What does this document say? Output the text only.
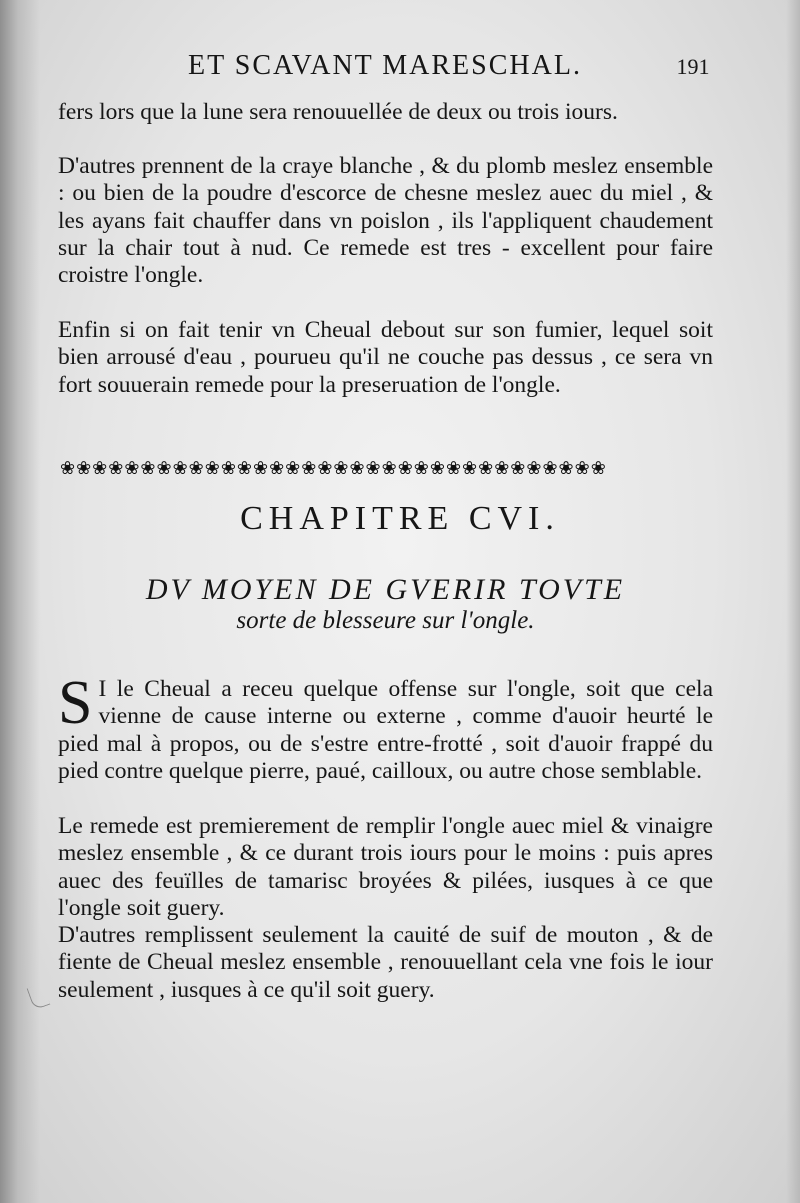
ET SCAVANT MARESCHAL.	191

fers lors que la lune sera renouuellée de deux ou trois iours.

D'autres prennent de la craye blanche , & du plomb meslez ensemble : ou bien de la poudre d'escorce de chesne meslez auec du miel , & les ayans fait chauffer dans vn poislon , ils l'appliquent chaudement sur la chair tout à nud. Ce remede est tres - excellent pour faire croistre l'ongle.

Enfin si on fait tenir vn Cheual debout sur son fumier, lequel soit bien arrousé d'eau , pourueu qu'il ne couche pas dessus , ce sera vn fort souuerain remede pour la preseruation de l'ongle.

❀❀❀❀❀❀❀❀❀❀❀❀❀❀❀❀❀❀❀❀❀❀❀❀❀❀❀❀❀❀❀❀❀❀
CHAPITRE CVI.
DV MOYEN DE GVERIR TOVTE
sorte de blesseure sur l'ongle.

S I le Cheual a receu quelque offense sur l'ongle, soit que cela vienne de cause interne ou externe , comme d'auoir heurté le pied mal à propos, ou de s'estre entre-frotté , soit d'auoir frappé du pied contre quelque pierre, paué, cailloux, ou autre chose semblable.

Le remede est premierement de remplir l'ongle auec miel & vinaigre meslez ensemble , & ce durant trois iours pour le moins : puis apres auec des feuïlles de tamarisc broyées & pilées, iusques à ce que l'ongle soit guery.

D'autres remplissent seulement la cauité de suif de mouton , & de fiente de Cheual meslez ensemble , renouuellant cela vne fois le iour seulement , iusques à ce qu'il soit guery.
